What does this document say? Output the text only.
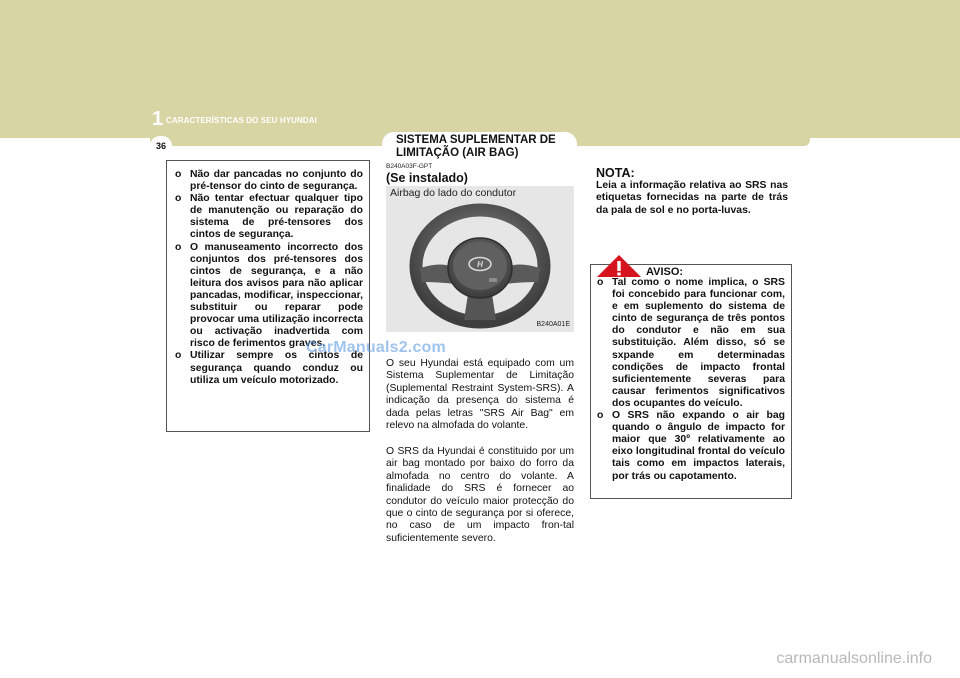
1 CARACTERÍSTICAS DO SEU HYUNDAI
36	SISTEMA SUPLEMENTAR DE
LIMITAÇÃO (AIR BAG)
o Não dar pancadas no conjunto do pré-tensor do cinto de segurança.
o Não tentar efectuar qualquer tipo de manutenção ou reparação do sistema de pré-tensores dos cintos de segurança.
o O manuseamento incorrecto dos conjuntos dos pré-tensores dos cintos de segurança, e a não leitura dos avisos para não aplicar pancadas, modificar, inspeccionar, substituir ou reparar pode provocar uma utilização incorrecta ou activação inadvertida com risco de ferimentos graves.
o Utilizar sempre os cintos de segurança quando conduz ou utiliza um veículo motorizado.
B240A03F-GPT
(Se instalado)
H
Airbag do lado do condutor
B240A01E
O seu Hyundai está equipado com um Sistema Suplementar de Limitação (Suplemental Restraint System-SRS). A indicação da presença do sistema é dada pelas letras "SRS Air Bag" em relevo na almofada do volante.
O SRS da Hyundai é constituido por um air bag montado por baixo do forro da almofada no centro do volante. A finalidade do SRS é fornecer ao condutor do veículo maior protecção do que o cinto de segurança por si oferece, no caso de um impacto fron-tal suficientemente severo.
CarManuals2.com
NOTA:
Leia a informação relativa ao SRS nas etiquetas fornecidas na parte de trás da pala de sol e no porta-luvas.
o Tal como o nome implica, o SRS foi concebido para funcionar com, e em suplemento do sistema de cinto de segurança de três pontos do condutor e não em sua substituição. Além disso, só se sxpande em determinadas condições de impacto frontal suficientemente severas para causar ferimentos significativos dos ocupantes do veículo.
o O SRS não expando o air bag quando o ângulo de impacto for maior que 30º relativamente ao eixo longitudinal frontal do veículo tais como em impactos laterais, por trás ou capotamento.
AVISO:
carmanualsonline.info
